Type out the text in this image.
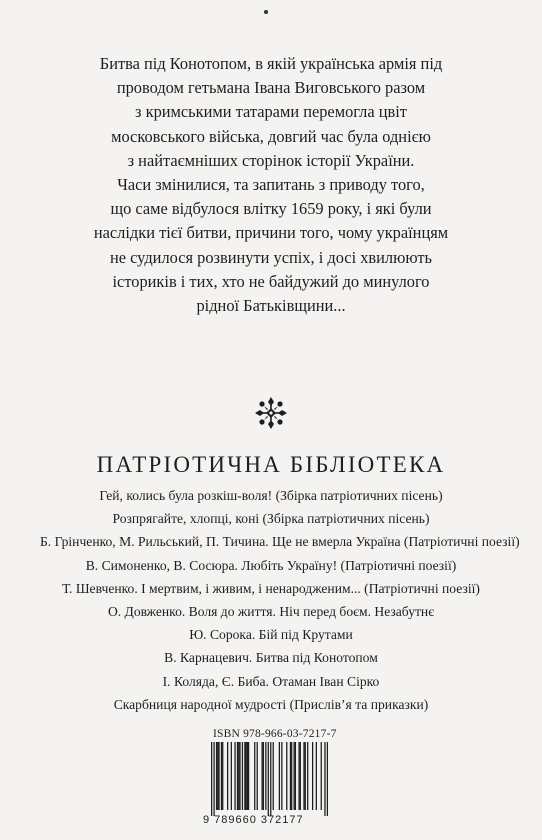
Битва під Конотопом, в якій українська армія під
проводом гетьмана Івана Виговського разом
з кримськими татарами перемогла цвіт
московського війська, довгий час була однією
з найтаємніших сторінок історії України.
Часи змінилися, та запитань з приводу того,
що саме відбулося влітку 1659 року, і які були
наслідки тієї битви, причини того, чому українцям
не судилося розвинути успіх, і досі хвилюють
істориків і тих, хто не байдужий до минулого
рідної Батьківщини...

ПАТРІОТИЧНА БІБЛІОТЕКА
Гей, колись була розкіш-воля! (Збірка патріотичних пісень)
Розпрягайте, хлопці, коні (Збірка патріотичних пісень)
Б. Грінченко, М. Рильський, П. Тичина. Ще не вмерла Україна (Патріотичні поезії)
В. Симоненко, В. Сосюра. Любіть Україну! (Патріотичні поезії)
Т. Шевченко. І мертвим, і живим, і ненародженим... (Патріотичні поезії)
О. Довженко. Воля до життя. Ніч перед боєм. Незабутнє
Ю. Сорока. Бій під Крутами
В. Карнацевич. Битва під Конотопом
І. Коляда, Є. Биба. Отаман Іван Сірко
Скарбниця народної мудрості (Прислів’я та приказки)
ISBN 978-966-03-7217-7
9 789660 372177
